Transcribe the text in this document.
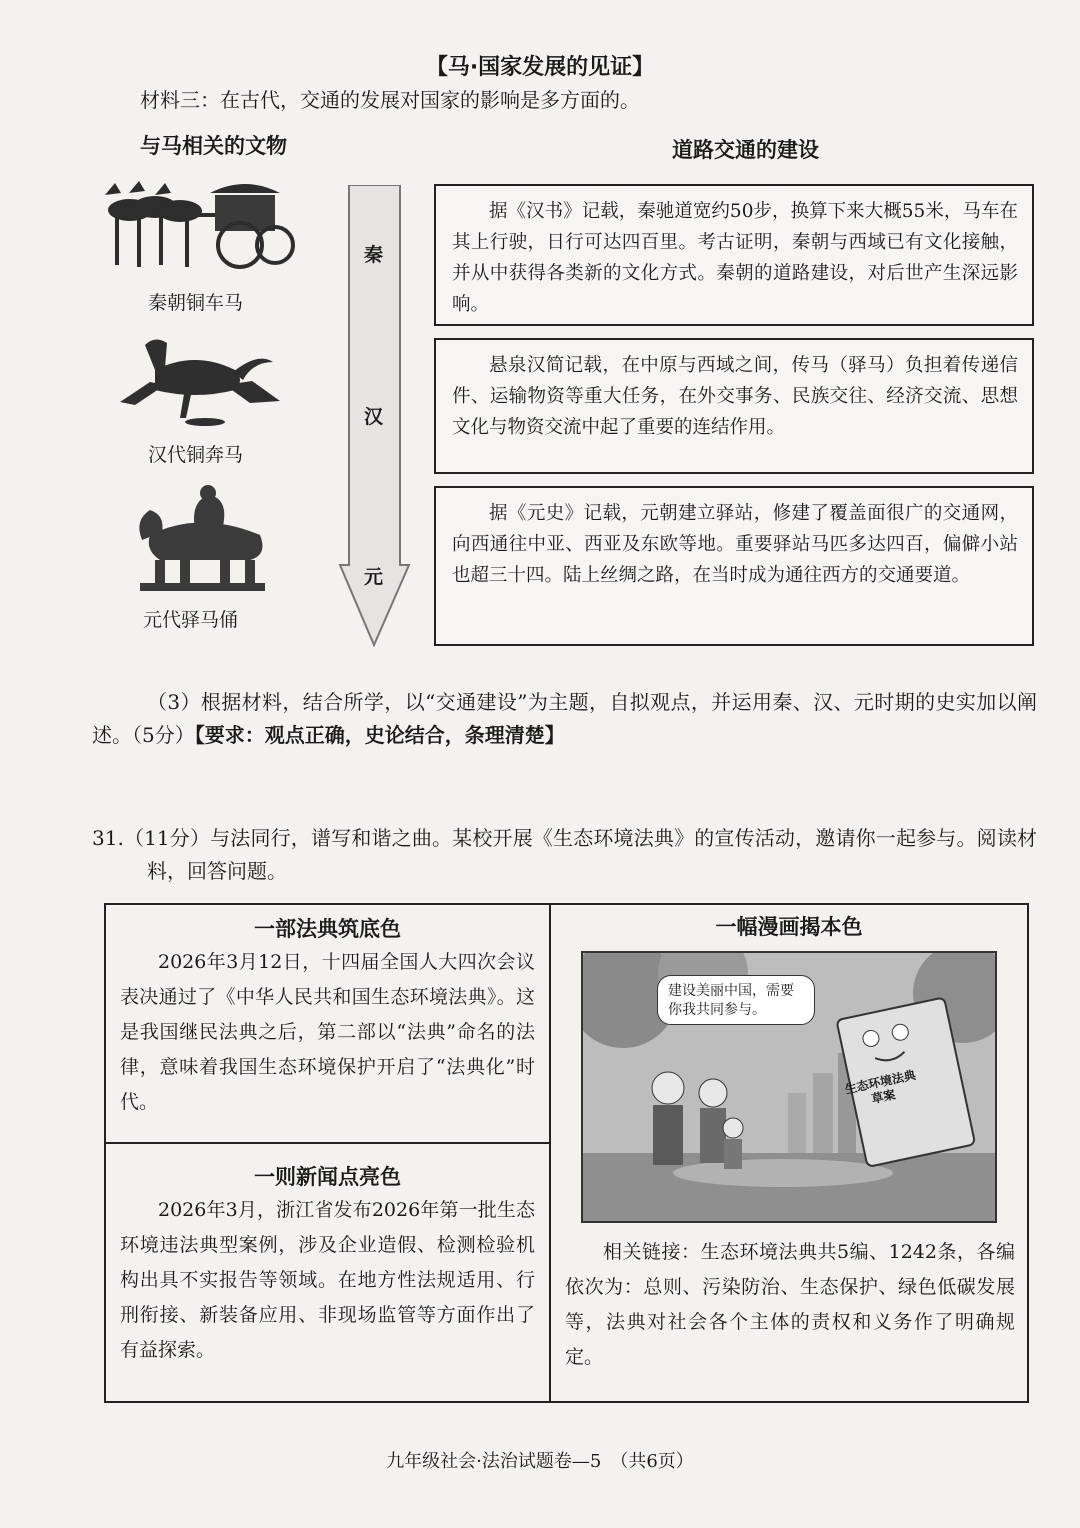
【马·国家发展的见证】
材料三：在古代，交通的发展对国家的影响是多方面的。
与马相关的文物	道路交通的建设
秦朝铜车马
汉代铜奔马
元代驿马俑
秦
汉
元
据《汉书》记载，秦驰道宽约50步，换算下来大概55米，马车在其上行驶，日行可达四百里。考古证明，秦朝与西域已有文化接触，并从中获得各类新的文化方式。秦朝的道路建设，对后世产生深远影响。
悬泉汉简记载，在中原与西域之间，传马（驿马）负担着传递信件、运输物资等重大任务，在外交事务、民族交往、经济交流、思想文化与物资交流中起了重要的连结作用。
据《元史》记载，元朝建立驿站，修建了覆盖面很广的交通网，向西通往中亚、西亚及东欧等地。重要驿站马匹多达四百，偏僻小站也超三十四。陆上丝绸之路，在当时成为通往西方的交通要道。
（3）根据材料，结合所学，以“交通建设”为主题，自拟观点，并运用秦、汉、元时期的史实加以阐述。（5分）【要求：观点正确，史论结合，条理清楚】
31.（11分）与法同行，谱写和谐之曲。某校开展《生态环境法典》的宣传活动，邀请你一起参与。阅读材料，回答问题。
一部法典筑底色
2026年3月12日，十四届全国人大四次会议表决通过了《中华人民共和国生态环境法典》。这是我国继民法典之后，第二部以“法典”命名的法律，意味着我国生态环境保护开启了“法典化”时代。
一则新闻点亮色
2026年3月，浙江省发布2026年第一批生态环境违法典型案例，涉及企业造假、检测检验机构出具不实报告等领域。在地方性法规适用、行刑衔接、新装备应用、非现场监管等方面作出了有益探索。
一幅漫画揭本色
建设美丽中国，需要你我共同参与。
生态环境法典草案
相关链接：生态环境法典共5编、1242条，各编依次为：总则、污染防治、生态保护、绿色低碳发展等，法典对社会各个主体的责权和义务作了明确规定。
九年级社会·法治试题卷—5　（共6页）
